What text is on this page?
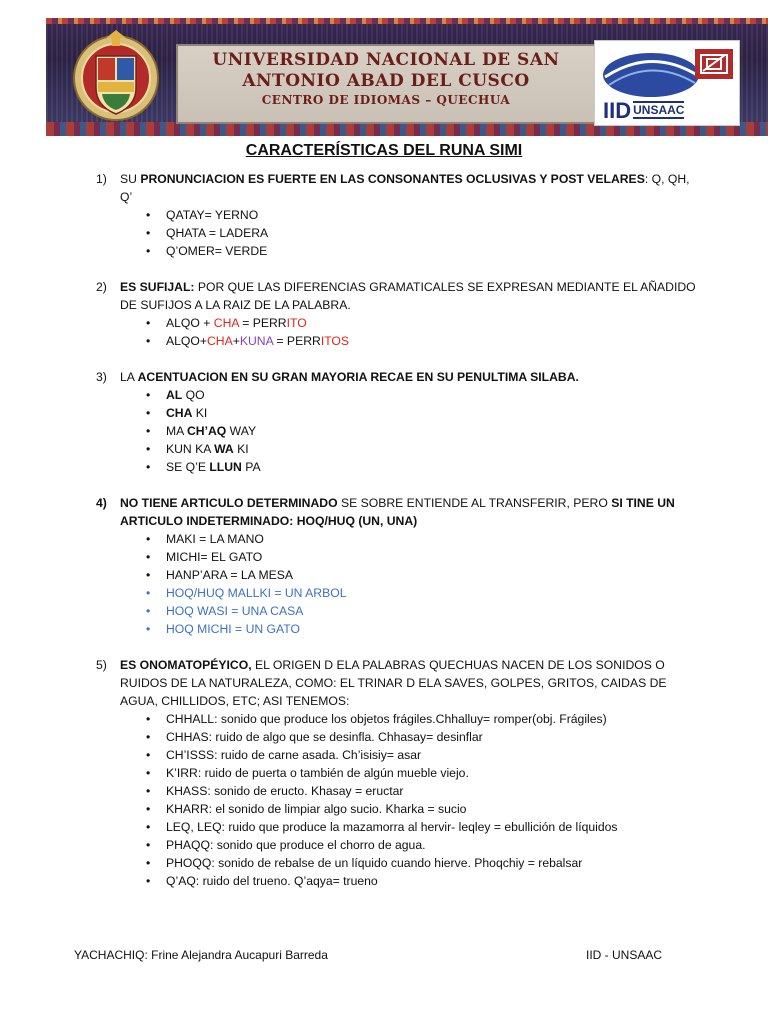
UNIVERSIDAD NACIONAL DE SAN
ANTONIO ABAD DEL CUSCO
CENTRO DE IDIOMAS – QUECHUA	IID UNSAAC
CARACTERÍSTICAS DEL RUNA SIMI
1) SU PRONUNCIACION ES FUERTE EN LAS CONSONANTES OCLUSIVAS Y POST VELARES: Q, QH, Q’
• QATAY= YERNO
• QHATA = LADERA
• Q’OMER= VERDE
2) ES SUFIJAL: POR QUE LAS DIFERENCIAS GRAMATICALES SE EXPRESAN MEDIANTE EL AÑADIDO DE SUFIJOS A LA RAIZ DE LA PALABRA.
• ALQO + CHA = PERRITO
• ALQO+CHA+KUNA = PERRITOS
3) LA ACENTUACION EN SU GRAN MAYORIA RECAE EN SU PENULTIMA SILABA.
• AL QO
• CHA KI
• MA CH’AQ WAY
• KUN KA WA KI
• SE Q’E LLUN PA
4) NO TIENE ARTICULO DETERMINADO SE SOBRE ENTIENDE AL TRANSFERIR, PERO SI TINE UN ARTICULO INDETERMINADO: HOQ/HUQ (UN, UNA)
• MAKI = LA MANO
• MICHI= EL GATO
• HANP’ARA = LA MESA
• HOQ/HUQ MALLKI = UN ARBOL
• HOQ WASI = UNA CASA
• HOQ MICHI = UN GATO
5) ES ONOMATOPÉYICO, EL ORIGEN D ELA PALABRAS QUECHUAS NACEN DE LOS SONIDOS O RUIDOS DE LA NATURALEZA, COMO: EL TRINAR D ELA SAVES, GOLPES, GRITOS, CAIDAS DE AGUA, CHILLIDOS, ETC; ASI TENEMOS:
• CHHALL: sonido que produce los objetos frágiles.Chhalluy= romper(obj. Frágiles)
• CHHAS: ruido de algo que se desinfla. Chhasay= desinflar
• CH’ISSS: ruido de carne asada. Ch’isisiy= asar
• K’IRR: ruido de puerta o también de algún mueble viejo.
• KHASS: sonido de eructo. Khasay = eructar
• KHARR: el sonido de limpiar algo sucio. Kharka = sucio
• LEQ, LEQ: ruido que produce la mazamorra al hervir- leqley = ebullición de líquidos
• PHAQQ: sonido que produce el chorro de agua.
• PHOQQ: sonido de rebalse de un líquido cuando hierve. Phoqchiy = rebalsar
• Q’AQ: ruido del trueno. Q’aqya= trueno
YACHACHIQ: Frine Alejandra Aucapuri Barreda	IID - UNSAAC
